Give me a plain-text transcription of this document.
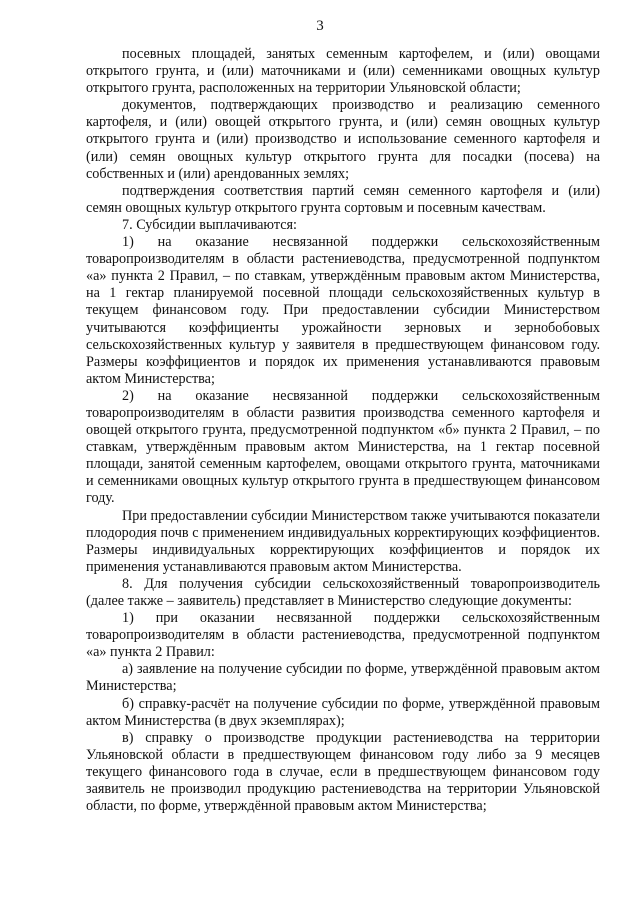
3

посевных площадей, занятых семенным картофелем, и (или) овощами открытого грунта, и (или) маточниками и (или) семенниками овощных культур открытого грунта, расположенных на территории Ульяновской области;

документов, подтверждающих производство и реализацию семенного картофеля, и (или) овощей открытого грунта, и (или) семян овощных культур открытого грунта и (или) производство и использование семенного картофеля и (или) семян овощных культур открытого грунта для посадки (посева) на собственных и (или) арендованных землях;

подтверждения соответствия партий семян семенного картофеля и (или) семян овощных культур открытого грунта сортовым и посевным качествам.

7. Субсидии выплачиваются:

1) на оказание несвязанной поддержки сельскохозяйственным товаропроизводителям в области растениеводства, предусмотренной подпунктом «а» пункта 2 Правил, – по ставкам, утверждённым правовым актом Министерства, на 1 гектар планируемой посевной площади сельскохозяйственных культур в текущем финансовом году. При предоставлении субсидии Министерством учитываются коэффициенты урожайности зерновых и зернобобовых сельскохозяйственных культур у заявителя в предшествующем финансовом году. Размеры коэффициентов и порядок их применения устанавливаются правовым актом Министерства;

2) на оказание несвязанной поддержки сельскохозяйственным товаропроизводителям в области развития производства семенного картофеля и овощей открытого грунта, предусмотренной подпунктом «б» пункта 2 Правил, – по ставкам, утверждённым правовым актом Министерства, на 1 гектар посевной площади, занятой семенным картофелем, овощами открытого грунта, маточниками и семенниками овощных культур открытого грунта в предшествующем финансовом году.

При предоставлении субсидии Министерством также учитываются показатели плодородия почв с применением индивидуальных корректирующих коэффициентов. Размеры индивидуальных корректирующих коэффициентов и порядок их применения устанавливаются правовым актом Министерства.

8. Для получения субсидии сельскохозяйственный товаропроизводитель (далее также – заявитель) представляет в Министерство следующие документы:

1) при оказании несвязанной поддержки сельскохозяйственным товаропроизводителям в области растениеводства, предусмотренной подпунктом «а» пункта 2 Правил:

а) заявление на получение субсидии по форме, утверждённой правовым актом Министерства;

б) справку-расчёт на получение субсидии по форме, утверждённой правовым актом Министерства (в двух экземплярах);

в) справку о производстве продукции растениеводства на территории Ульяновской области в предшествующем финансовом году либо за 9 месяцев текущего финансового года в случае, если в предшествующем финансовом году заявитель не производил продукцию растениеводства на территории Ульяновской области, по форме, утверждённой правовым актом Министерства;
